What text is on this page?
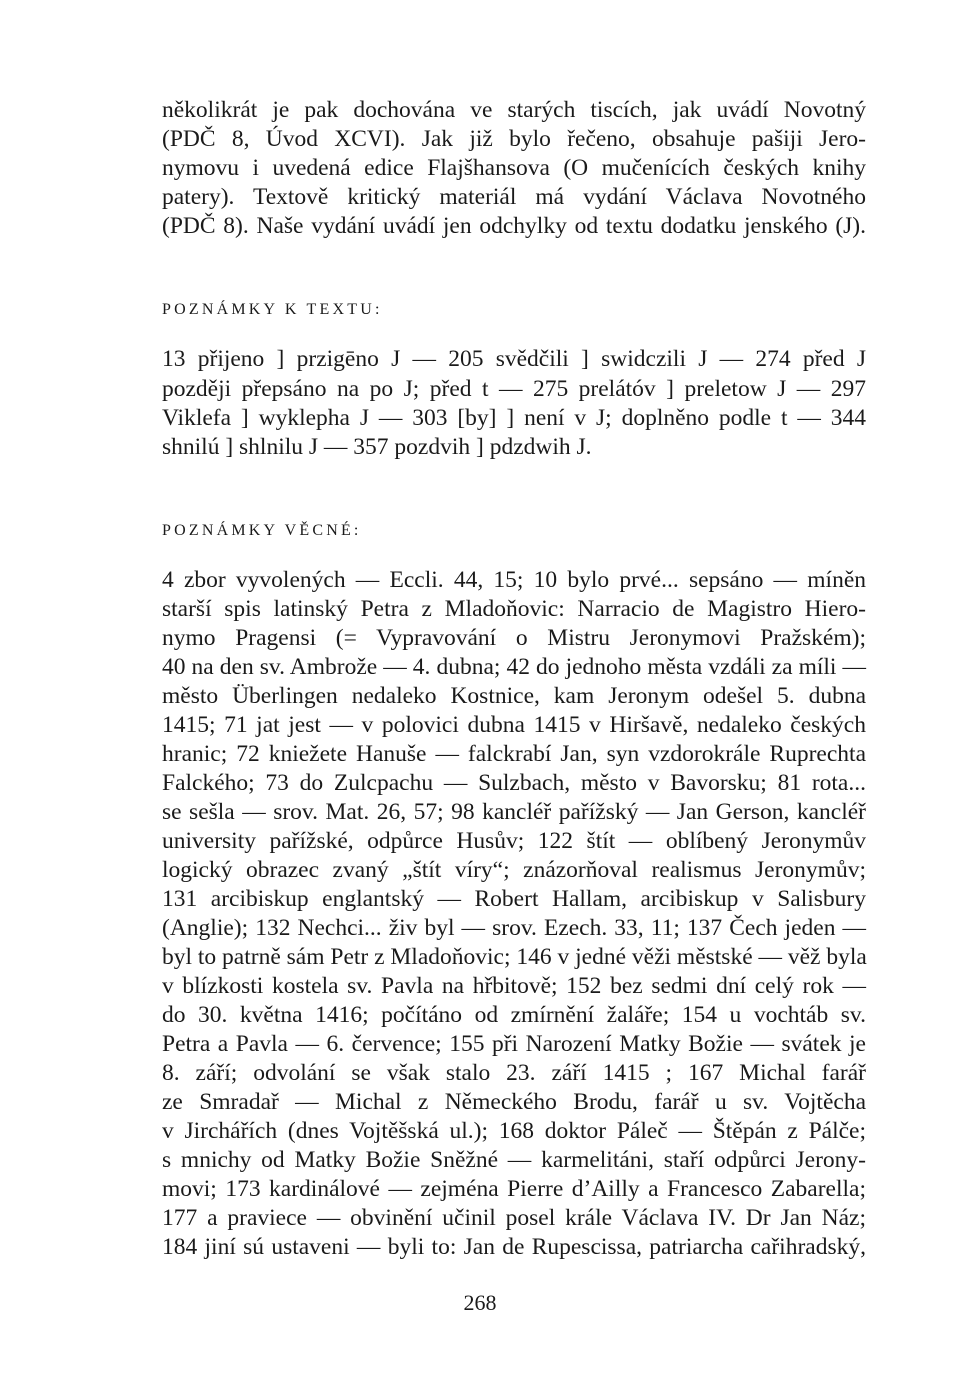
několikrát je pak dochována ve starých tiscích, jak uvádí Novotný
(PDČ 8, Úvod XCVI). Jak již bylo řečeno, obsahuje pašiji Jero-
nymovu i uvedená edice Flajšhansova (O mučenících českých knihy
patery). Textově kritický materiál má vydání Václava Novotného
(PDČ 8). Naše vydání uvádí jen odchylky od textu dodatku jenského (J).
POZNÁMKY K TEXTU:
13 přijeno ] przigēno J — 205 svědčili ] swidczili J — 274 před J
později přepsáno na po J; před t — 275 prelátóv ] preletow J — 297
Viklefa ] wyklepha J — 303 [by] ] není v J; doplněno podle t — 344
shnilú ] shlnilu J — 357 pozdvih ] pdzdwih J.
POZNÁMKY VĚCNÉ:
4 zbor vyvolených — Eccli. 44, 15; 10 bylo prvé... sepsáno — míněn
starší spis latinský Petra z Mladoňovic: Narracio de Magistro Hiero-
nymo Pragensi (= Vypravování o Mistru Jeronymovi Pražském);
40 na den sv. Ambrože — 4. dubna; 42 do jednoho města vzdáli za míli —
město Überlingen nedaleko Kostnice, kam Jeronym odešel 5. dubna
1415; 71 jat jest — v polovici dubna 1415 v Hiršavě, nedaleko českých
hranic; 72 kniežete Hanuše — falckrabí Jan, syn vzdorokrále Ruprechta
Falckého; 73 do Zulcpachu — Sulzbach, město v Bavorsku; 81 rota...
se sešla — srov. Mat. 26, 57; 98 kancléř pařížský — Jan Gerson, kancléř
university pařížské, odpůrce Husův; 122 štít — oblíbený Jeronymův
logický obrazec zvaný „štít víry“; znázorňoval realismus Jeronymův;
131 arcibiskup englantský — Robert Hallam, arcibiskup v Salisbury
(Anglie); 132 Nechci... živ byl — srov. Ezech. 33, 11; 137 Čech jeden —
byl to patrně sám Petr z Mladoňovic; 146 v jedné věži městské — věž byla
v blízkosti kostela sv. Pavla na hřbitově; 152 bez sedmi dní celý rok —
do 30. května 1416; počítáno od zmírnění žaláře; 154 u vochtáb sv.
Petra a Pavla — 6. července; 155 při Narození Matky Božie — svátek je
8. září; odvolání se však stalo 23. září 1415 ; 167 Michal farář
ze Smradař — Michal z Německého Brodu, farář u sv. Vojtěcha
v Jirchářích (dnes Vojtěšská ul.); 168 doktor Páleč — Štěpán z Pálče;
s mnichy od Matky Božie Sněžné — karmelitáni, staří odpůrci Jerony-
movi; 173 kardinálové — zejména Pierre d’Ailly a Francesco Zabarella;
177 a praviece — obvinění učinil posel krále Václava IV. Dr Jan Náz;
184 jiní sú ustaveni — byli to: Jan de Rupescissa, patriarcha cařihradský,
268
